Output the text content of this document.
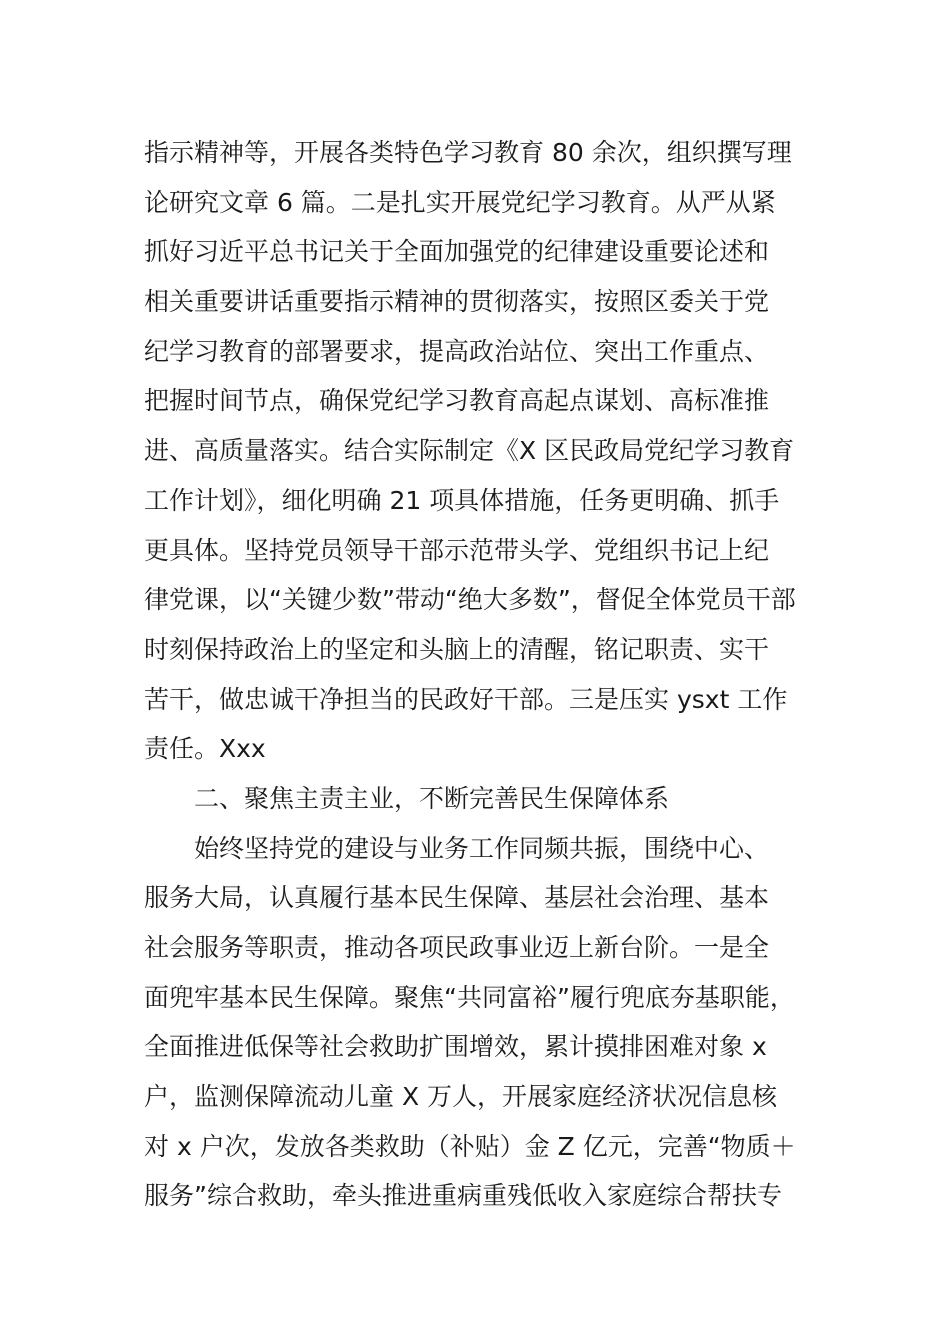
指示精神等，开展各类特色学习教育 80 余次，组织撰写理
论研究文章 6 篇。二是扎实开展党纪学习教育。从严从紧
抓好习近平总书记关于全面加强党的纪律建设重要论述和
相关重要讲话重要指示精神的贯彻落实，按照区委关于党
纪学习教育的部署要求，提高政治站位、突出工作重点、
把握时间节点，确保党纪学习教育高起点谋划、高标准推
进、高质量落实。结合实际制定《X 区民政局党纪学习教育
工作计划》，细化明确 21 项具体措施，任务更明确、抓手
更具体。坚持党员领导干部示范带头学、党组织书记上纪
律党课，以“关键少数”带动“绝大多数”，督促全体党员干部
时刻保持政治上的坚定和头脑上的清醒，铭记职责、实干
苦干，做忠诚干净担当的民政好干部。三是压实 ysxt 工作
责任。Xxx
二、聚焦主责主业，不断完善民生保障体系
始终坚持党的建设与业务工作同频共振，围绕中心、
服务大局，认真履行基本民生保障、基层社会治理、基本
社会服务等职责，推动各项民政事业迈上新台阶。一是全
面兜牢基本民生保障。聚焦“共同富裕”履行兜底夯基职能，
全面推进低保等社会救助扩围增效，累计摸排困难对象 x
户，监测保障流动儿童 X 万人，开展家庭经济状况信息核
对 x 户次，发放各类救助（补贴）金 Z 亿元，完善“物质＋
服务”综合救助，牵头推进重病重残低收入家庭综合帮扶专
